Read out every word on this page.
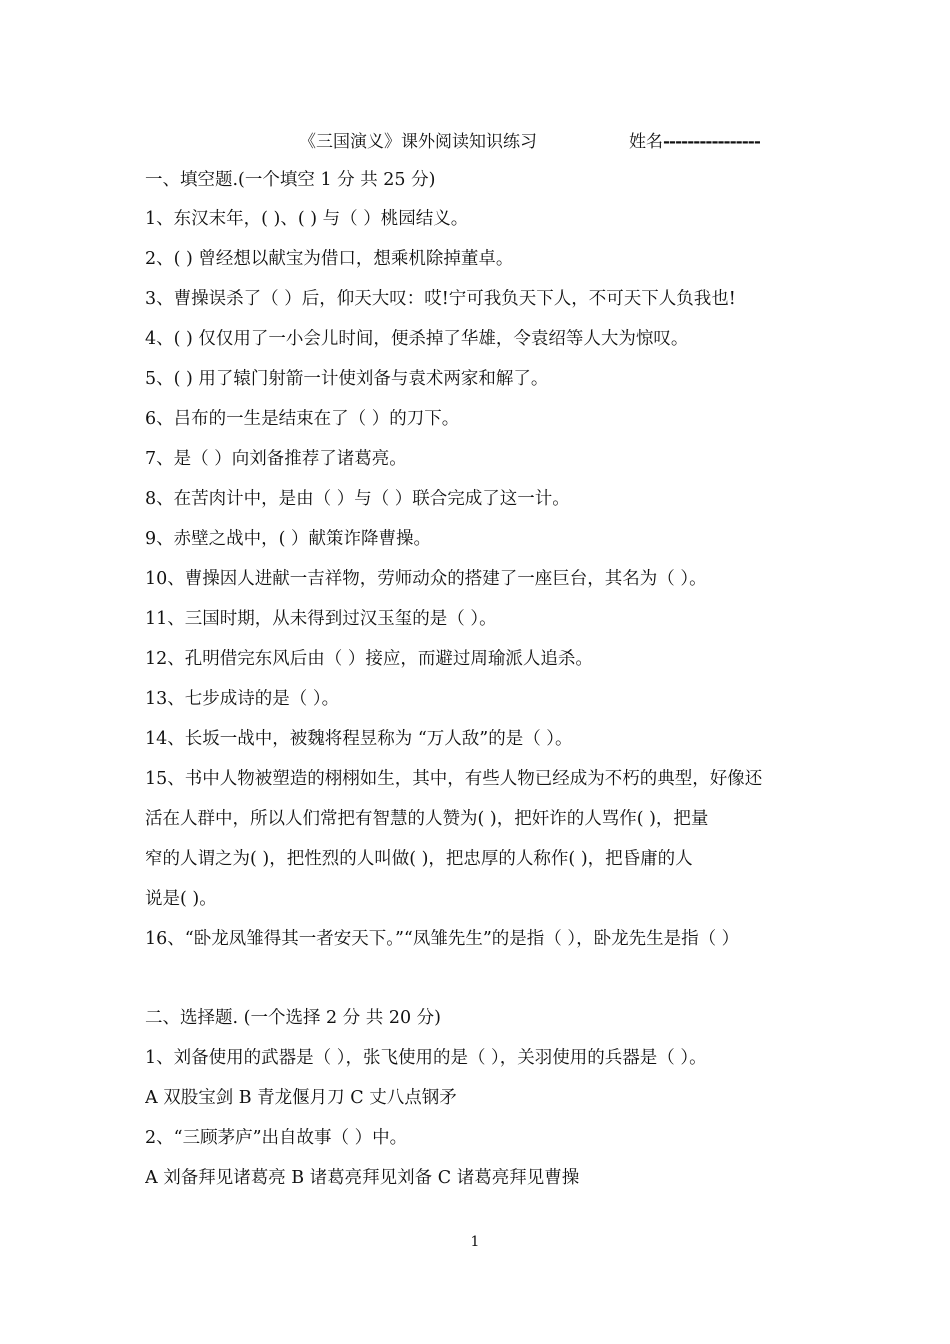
《三国演义》课外阅读知识练习	姓名----------------
一、填空题.(一个填空 1 分 共 25 分)
1、东汉末年，( )、( ) 与（ ）桃园结义。
2、( ) 曾经想以献宝为借口，想乘机除掉董卓。
3、曹操误杀了（ ）后，仰天大叹：哎!宁可我负天下人，不可天下人负我也!
4、( ) 仅仅用了一小会儿时间，便杀掉了华雄，令袁绍等人大为惊叹。
5、( ) 用了辕门射箭一计使刘备与袁术两家和解了。
6、吕布的一生是结束在了（ ）的刀下。
7、是（ ）向刘备推荐了诸葛亮。
8、在苦肉计中，是由（ ）与（ ）联合完成了这一计。
9、赤壁之战中，( ）献策诈降曹操。
10、曹操因人进献一吉祥物，劳师动众的搭建了一座巨台，其名为（ ）。
11、三国时期，从未得到过汉玉玺的是（ ）。
12、孔明借完东风后由（ ）接应，而避过周瑜派人追杀。
13、七步成诗的是（ ）。
14、长坂一战中，被魏将程昱称为 “万人敌”的是（ ）。
15、书中人物被塑造的栩栩如生，其中，有些人物已经成为不朽的典型，好像还
活在人群中，所以人们常把有智慧的人赞为( )，把奸诈的人骂作( )，把量
窄的人谓之为( )，把性烈的人叫做( )，把忠厚的人称作( )，把昏庸的人
说是( )。
16、“卧龙凤雏得其一者安天下。”“凤雏先生”的是指（ ），卧龙先生是指（ ）
二、选择题. (一个选择 2 分 共 20 分)
1、刘备使用的武器是（ ），张飞使用的是（ ），关羽使用的兵器是（ ）。
A 双股宝剑 B 青龙偃月刀 C 丈八点钢矛
2、“三顾茅庐”出自故事（ ）中。
A 刘备拜见诸葛亮 B 诸葛亮拜见刘备 C 诸葛亮拜见曹操
1
